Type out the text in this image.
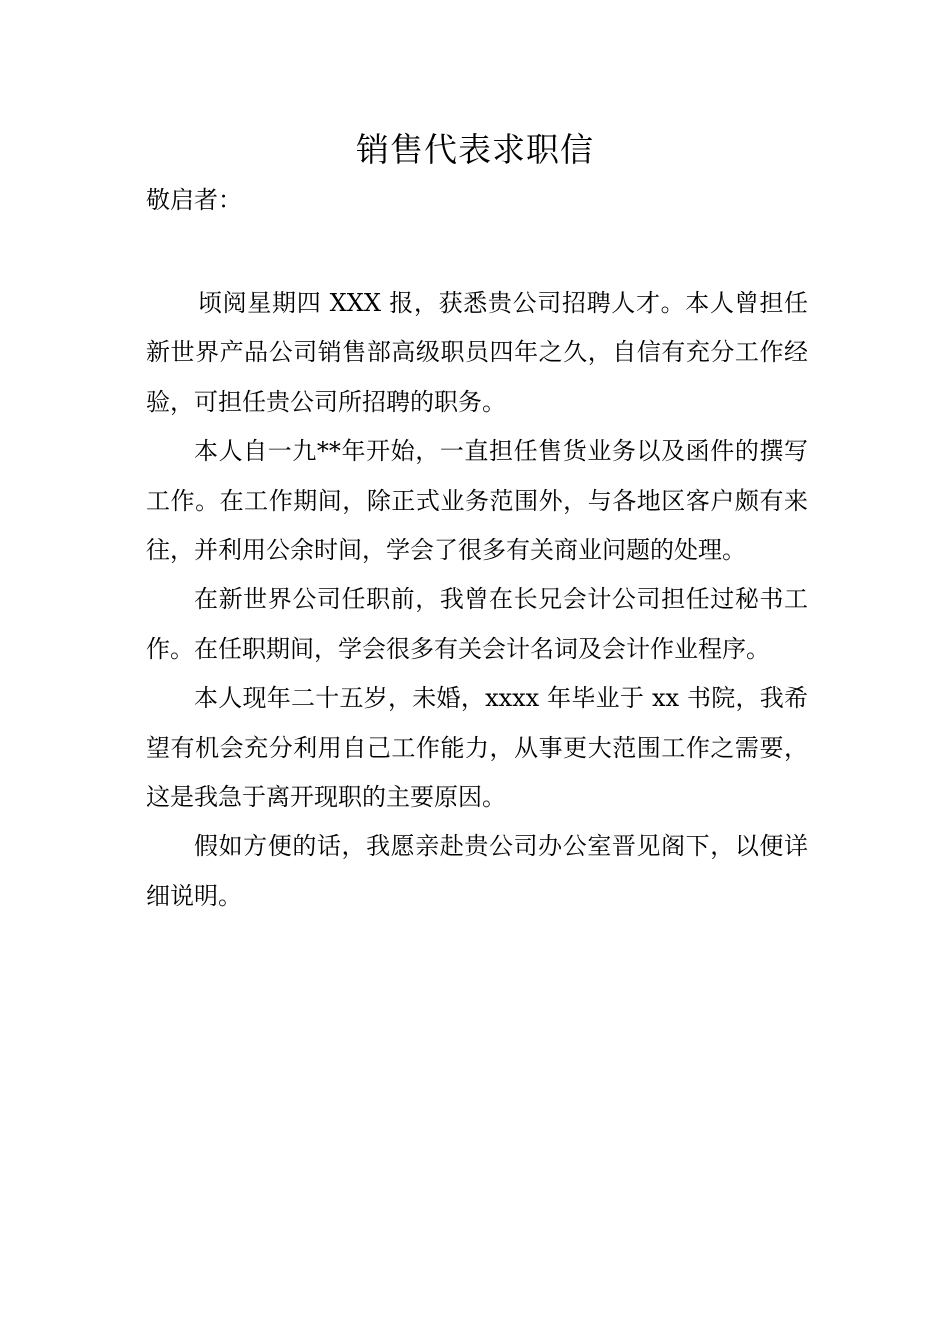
销售代表求职信
敬启者：

顷阅星期四 XXX 报，获悉贵公司招聘人才。本人曾担任新世界产品公司销售部高级职员四年之久，自信有充分工作经验，可担任贵公司所招聘的职务。

本人自一九**年开始，一直担任售货业务以及函件的撰写工作。在工作期间，除正式业务范围外，与各地区客户颇有来往，并利用公余时间，学会了很多有关商业问题的处理。

在新世界公司任职前，我曾在长兄会计公司担任过秘书工作。在任职期间，学会很多有关会计名词及会计作业程序。

本人现年二十五岁，未婚，xxxx 年毕业于 xx 书院，我希望有机会充分利用自己工作能力，从事更大范围工作之需要，这是我急于离开现职的主要原因。

假如方便的话，我愿亲赴贵公司办公室晋见阁下，以便详细说明。
